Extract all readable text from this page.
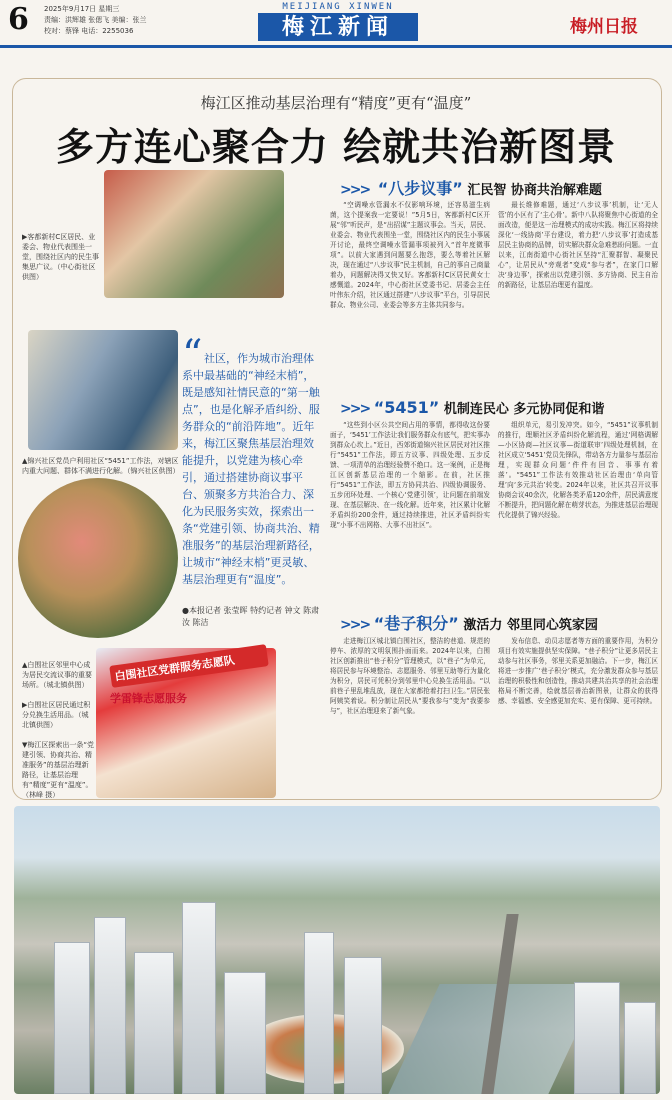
6 2025年9月17日 星期三
责编：洪辉雄 张偲飞 美编：张兰
校对：蔡锋 电话：2255036
MEIJIANG XINWEN
梅江新闻	梅州日报
梅江区推动基层治理有“精度”更有“温度”
多方连心聚合力 绘就共治新图景
▶客都新村C区居民、业委会、物业代表围坐一堂，围绕社区内的民生事集思广议。（中心街社区供图）
▲锦兴社区党员户利用社区“5451”工作法，对辖区内重大问题、群体不满进行化解。（锦兴社区供图）
白围社区党群服务志愿队
学雷锋志愿服务
▲白围社区邻里中心成为居民交流议事的重要场所。（城北镇供图）
▶白围社区居民通过积分兑换生活用品。（城北镇供图）
▼梅江区探索出一条“党建引领、协商共治、精准服务”的基层治理新路径，让基层治理有“精度”更有“温度”。（林峰 摄）
“ 社区，作为城市治理体系中最基础的“神经末梢”，既是感知社情民意的“第一触点”，也是化解矛盾纠纷、服务群众的“前沿阵地”。近年来，梅江区聚焦基层治理效能提升，以党建为核心牵引，通过搭建协商议事平台、颁聚多方共治合力、深化为民服务实效，探索出一条“党建引领、协商共治、精准服务”的基层治理新路径，让城市“神经末梢”更灵敏、基层治理更有“温度”。
●本报记者 张莹晖 特约记者 钟文 陈肃汝 陈洁
>>> “八步议事” 汇民智 协商共治解难题
“空调噪水管漏水不仅影响环境，还容易滋生病菌，这个提案我一定要说！”5月5日，客都新村C区开展“邻”听民声，是“出招谋”主题议事会。当天，居民、业委会、物业代表围坐一堂，围绕社区内的民生小事展开讨论，最终空调噪水管漏事项被列入“首年度微事项”。以前大家遇到问题要么抱怨，要么等着社区解决，现在通过“八步议事”民主机制，自己的事自己商量着办，问题解决得又快又好。客都新村C区居民黄女士感慨道。2024年，中心街社区党委书记、居委会主任叶伟东介绍，社区通过搭建“八步议事”平台，引导居民群众、物业公司、业委会等多方主体共同参与。
最长维修难题，通过‘八步议事’机制，让‘无人管’的小区有了‘主心骨’。新中八队将聚焦中心街道的全面改造，便是这一治理模式的成功实践。梅江区将持续深化‘一线协商’平台建设，着力把‘八步议事’打造成基层民主协商的品牌，切实解决群众急难愁盼问题。一直以来，江南街道中心街社区坚持“汇聚群智、凝聚民心”，让居民从“旁观者”变成“参与者”，在家门口解决‘身边事’，探索出以党建引领、多方协商、民主自治的新路径，让基层治理更有温度。
>>> “5451” 机制连民心 多元协同促和谐
“这些到小区公共空间占用的事情，都得收这份要面子，‘5451’工作法让我们服务群众有底气，把实事办到群众心坎上。”近日，西郊街道锦兴社区居民对社区推行“5451”工作法，即五方议事、四级处理、五步反馈、一项清单的治理经验赞不绝口。这一案例，正是梅江区创新基层治理的一个缩影。在前，社区推行“5451”工作法，即五方协同共治、四级协调服务、五步闭环处理、一个核心‘党建引领’，让问题在前端发现、在基层解决、在一线化解。近年来，社区累计化解矛盾纠纷200余件，通过持续推进，社区矛盾纠纷实现“小事不出网格、大事不出社区”。
组织单元，易引发冲突。如今，“5451”议事机制的推行，理顺社区矛盾纠纷化解流程，通过‘网格调解—小区协商—社区议事—街道联审’四级处理机制，在社区成立‘5451’党员先锋队，带动各方力量参与基层治理，实现群众问题‘件件有回音、事事有着落’。“5451”工作法有效推动社区治理由‘单向管理’向‘多元共治’转变。2024年以来，社区共召开议事协商会议40余次，化解各类矛盾120余件，居民满意度不断提升，把问题化解在萌芽状态，为推进基层治理现代化提供了锦兴经验。
>>> “巷子积分” 激活力 邻里同心筑家园
走进梅江区城北镇白围社区，整洁的巷道、规范的停车、浓厚的文明氛围扑面而来。2024年以来，白围社区创新推出“巷子积分”管理模式，以“巷子”为单元，将居民参与环境整治、志愿服务、邻里互助等行为量化为积分，居民可凭积分到邻里中心兑换生活用品。“以前巷子里乱堆乱放，现在大家都抢着打扫卫生。”居民张阿姨笑着说。积分制让居民从“要我参与”变为“我要参与”，社区治理迎来了新气象。
发布信息、动员志愿者等方面的重要作用，为积分项目有效实施提供坚实保障。“巷子积分”让更多居民主动参与社区事务，邻里关系更加融洽。下一步，梅江区将进一步推广‘巷子积分’模式，充分激发群众参与基层治理的积极性和创造性，推动共建共治共享的社会治理格局不断完善，绘就基层善治新图景，让群众的获得感、幸福感、安全感更加充实、更有保障、更可持续。
